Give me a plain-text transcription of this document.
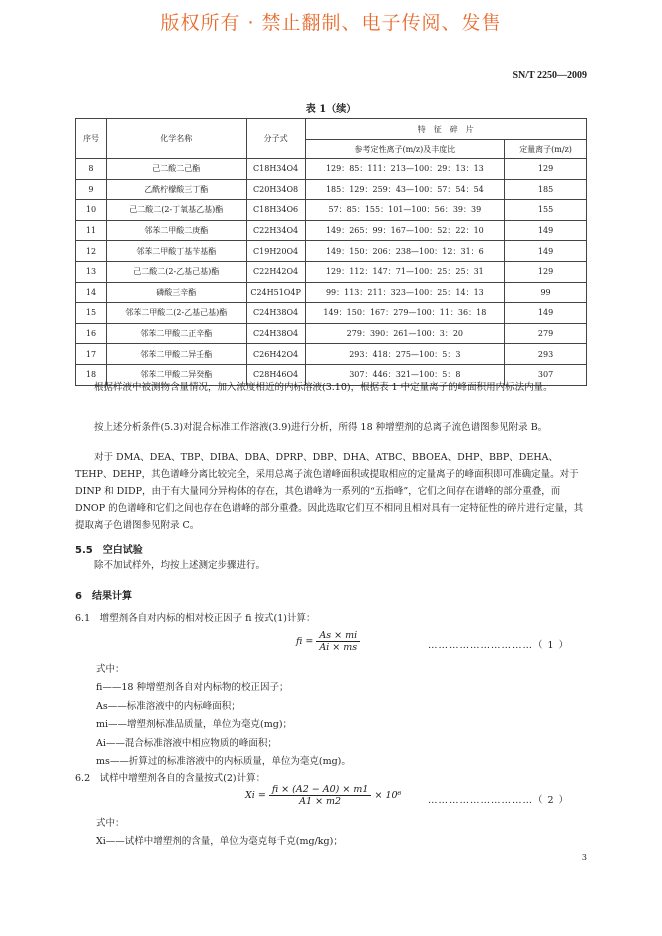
版权所有 · 禁止翻制、电子传阅、发售
SN/T 2250—2009
表 1（续）
序号	化学名称	分子式	特　征　碎　片	
			参考定性离子(m/z)及丰度比	定量离子(m/z)
8	己二酸二己酯	C18H34O4	129：85：111：213—100：29：13：13	129
9	乙酰柠檬酸三丁酯	C20H34O8	185：129：259：43—100：57：54：54	185
10	己二酸二(2-丁氧基乙基)酯	C18H34O6	57：85：155：101—100：56：39：39	155
11	邻苯二甲酸二庚酯	C22H34O4	149：265：99：167—100：52：22：10	149
12	邻苯二甲酸丁基苄基酯	C19H20O4	149：150：206：238—100：12：31：6	149
13	己二酸二(2-乙基己基)酯	C22H42O4	129：112：147：71—100：25：25：31	129
14	磷酸三辛酯	C24H51O4P	99：113：211：323—100：25：14：13	99
15	邻苯二甲酸二(2-乙基己基)酯	C24H38O4	149：150：167：279—100：11：36：18	149
16	邻苯二甲酸二正辛酯	C24H38O4	279：390：261—100：3：20	279
17	邻苯二甲酸二异壬酯	C26H42O4	293：418：275—100：5：3	293
18	邻苯二甲酸二异癸酯	C28H46O4	307：446：321—100：5：8	307

根据样液中被测物含量情况，加入浓度相近的内标溶液(3.10)，根据表 1 中定量离子的峰面积用内标法内量。

按上述分析条件(5.3)对混合标准工作溶液(3.9)进行分析，所得 18 种增塑剂的总离子流色谱图参见附录 B。

对于 DMA、DEA、TBP、DIBA、DBA、DPRP、DBP、DHA、ATBC、BBOEA、DHP、BBP、DEHA、TEHP、DEHP，其色谱峰分离比较完全，采用总离子流色谱峰面积或提取相应的定量离子的峰面积即可准确定量。对于 DINP 和 DIDP，由于有大量同分异构体的存在，其色谱峰为一系列的“五指峰”，它们之间存在谱峰的部分重叠，而 DNOP 的色谱峰和它们之间也存在色谱峰的部分重叠。因此选取它们互不相同且相对具有一定特征性的碎片进行定量，其提取离子色谱图参见附录 C。

5.5 空白试验

除不加试样外，均按上述测定步骤进行。

6 结果计算
6.1  增塑剂各自对内标的相对校正因子 fi 按式(1)计算：
fi = $\frac{As \times mi}{Ai \times ms}$	…………………………（ 1 ）
式中：
fi——18 种增塑剂各自对内标物的校正因子；
As——标准溶液中的内标峰面积；
mi——增塑剂标准品质量，单位为毫克(mg)；
Ai——混合标准溶液中相应物质的峰面积；
ms——折算过的标准溶液中的内标质量，单位为毫克(mg)。
6.2  试样中增塑剂各自的含量按式(2)计算：
$Xi = \frac{fi \times (A2 - A0) \times m1}{A1 \times m2} \times 10^6$	…………………………（ 2 ）
式中：
Xi——试样中增塑剂的含量，单位为毫克每千克(mg/kg)；
3
